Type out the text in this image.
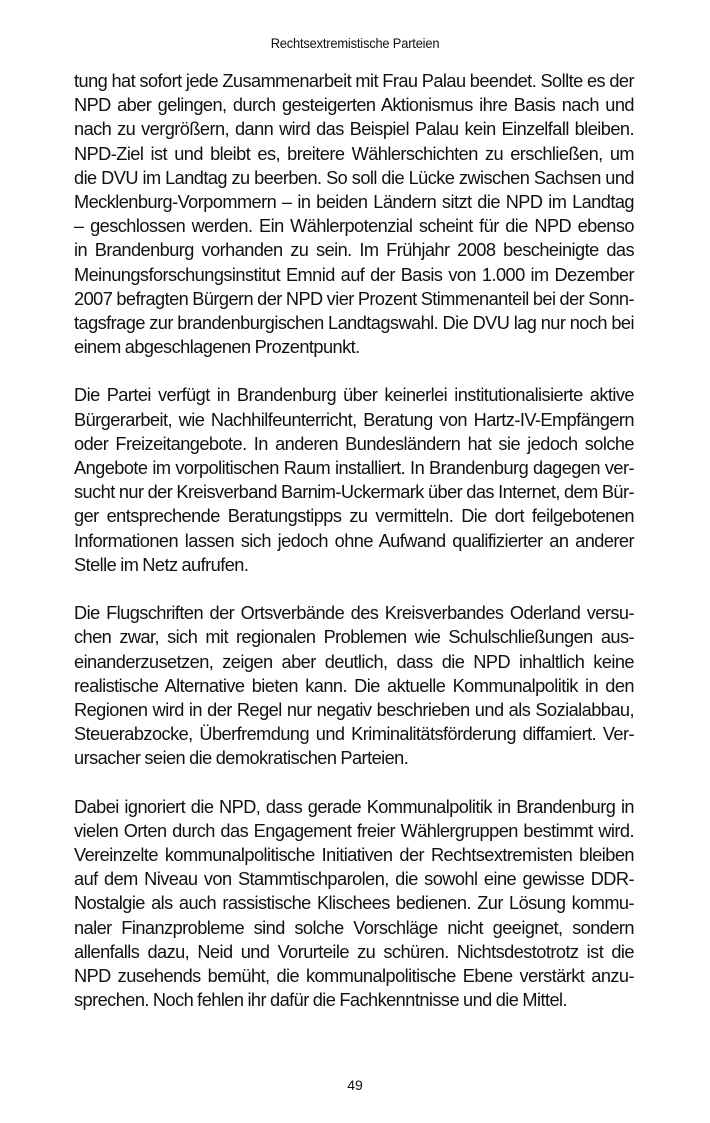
Rechtsextremistische Parteien
tung hat sofort jede Zusammenarbeit mit Frau Palau beendet. Sollte es der
NPD aber gelingen, durch gesteigerten Aktionismus ihre Basis nach und
nach zu vergrößern, dann wird das Beispiel Palau kein Einzelfall bleiben.
NPD-Ziel ist und bleibt es, breitere Wählerschichten zu erschließen, um
die DVU im Landtag zu beerben. So soll die Lücke zwischen Sachsen und
Mecklenburg-Vorpommern – in beiden Ländern sitzt die NPD im Landtag
– geschlossen werden. Ein Wählerpotenzial scheint für die NPD ebenso
in Brandenburg vorhanden zu sein. Im Frühjahr 2008 bescheinigte das
Meinungsforschungsinstitut Emnid auf der Basis von 1.000 im Dezember
2007 befragten Bürgern der NPD vier Prozent Stimmenanteil bei der Sonn-
tagsfrage zur brandenburgischen Landtagswahl. Die DVU lag nur noch bei
einem abgeschlagenen Prozentpunkt.
Die Partei verfügt in Brandenburg über keinerlei institutionalisierte aktive
Bürgerarbeit, wie Nachhilfeunterricht, Beratung von Hartz-IV-Empfängern
oder Freizeitangebote. In anderen Bundesländern hat sie jedoch solche
Angebote im vorpolitischen Raum installiert. In Brandenburg dagegen ver-
sucht nur der Kreisverband Barnim-Uckermark über das Internet, dem Bür-
ger entsprechende Beratungstipps zu vermitteln. Die dort feilgebotenen
Informationen lassen sich jedoch ohne Aufwand qualifizierter an anderer
Stelle im Netz aufrufen.
Die Flugschriften der Ortsverbände des Kreisverbandes Oderland versu-
chen zwar, sich mit regionalen Problemen wie Schulschließungen aus-
einanderzusetzen, zeigen aber deutlich, dass die NPD inhaltlich keine
realistische Alternative bieten kann. Die aktuelle Kommunalpolitik in den
Regionen wird in der Regel nur negativ beschrieben und als Sozialabbau,
Steuerabzocke, Überfremdung und Kriminalitätsförderung diffamiert. Ver-
ursacher seien die demokratischen Parteien.
Dabei ignoriert die NPD, dass gerade Kommunalpolitik in Brandenburg in
vielen Orten durch das Engagement freier Wählergruppen bestimmt wird.
Vereinzelte kommunalpolitische Initiativen der Rechtsextremisten bleiben
auf dem Niveau von Stammtischparolen, die sowohl eine gewisse DDR-
Nostalgie als auch rassistische Klischees bedienen. Zur Lösung kommu-
naler Finanzprobleme sind solche Vorschläge nicht geeignet, sondern
allenfalls dazu, Neid und Vorurteile zu schüren. Nichtsdestotrotz ist die
NPD zusehends bemüht, die kommunalpolitische Ebene verstärkt anzu-
sprechen. Noch fehlen ihr dafür die Fachkenntnisse und die Mittel.
49
